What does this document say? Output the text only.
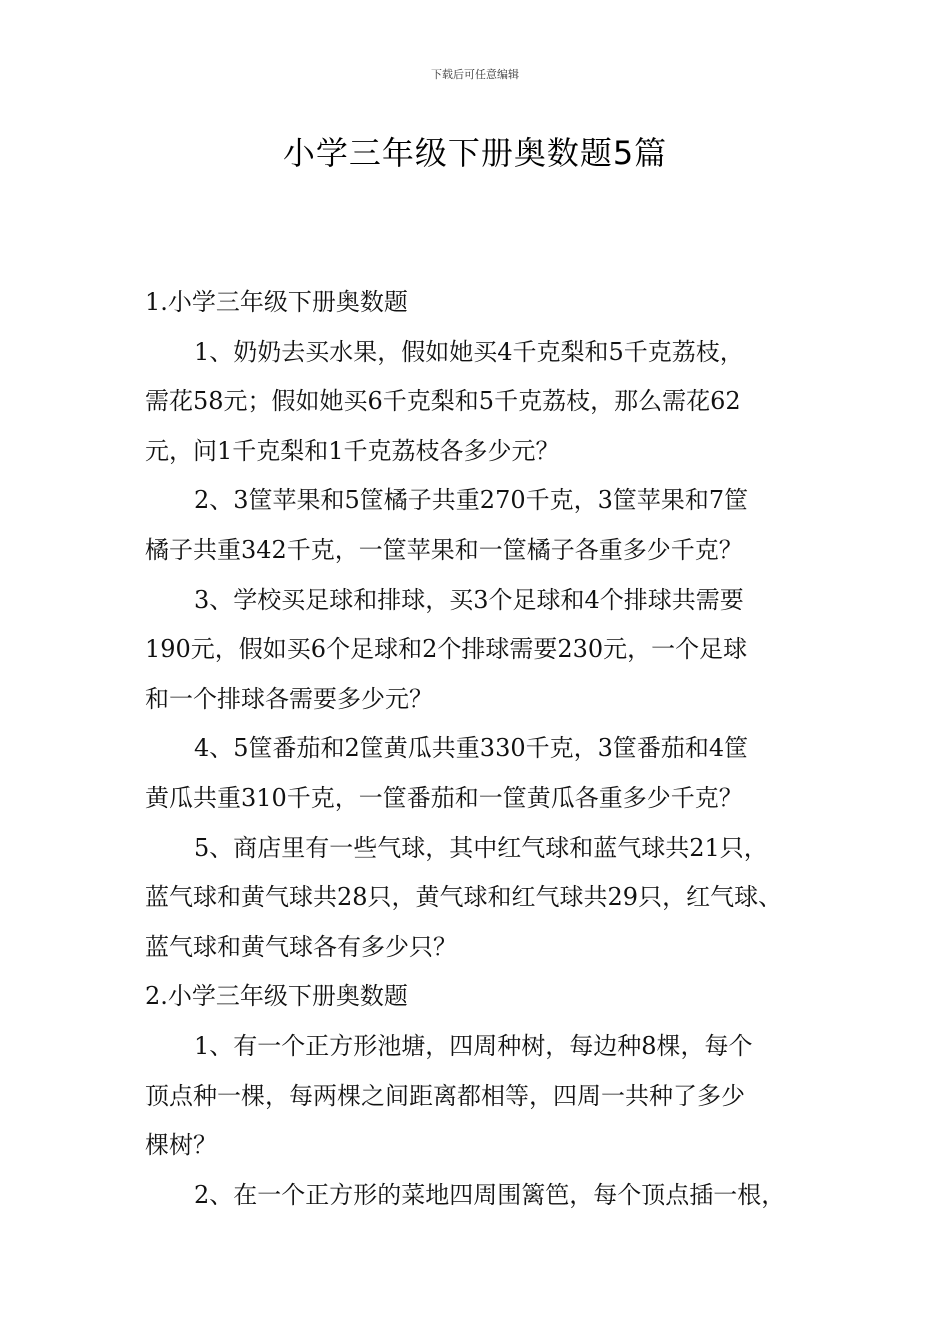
下载后可任意编辑
小学三年级下册奥数题5篇
1.小学三年级下册奥数题
1、奶奶去买水果，假如她买4千克梨和5千克荔枝，
需花58元；假如她买6千克梨和5千克荔枝，那么需花62
元，问1千克梨和1千克荔枝各多少元？
2、3筐苹果和5筐橘子共重270千克，3筐苹果和7筐
橘子共重342千克，一筐苹果和一筐橘子各重多少千克？
3、学校买足球和排球，买3个足球和4个排球共需要
190元，假如买6个足球和2个排球需要230元，一个足球
和一个排球各需要多少元？
4、5筐番茄和2筐黄瓜共重330千克，3筐番茄和4筐
黄瓜共重310千克，一筐番茄和一筐黄瓜各重多少千克？
5、商店里有一些气球，其中红气球和蓝气球共21只，
蓝气球和黄气球共28只，黄气球和红气球共29只，红气球、
蓝气球和黄气球各有多少只？
2.小学三年级下册奥数题
1、有一个正方形池塘，四周种树，每边种8棵，每个
顶点种一棵，每两棵之间距离都相等，四周一共种了多少
棵树？
2、在一个正方形的菜地四周围篱笆，每个顶点插一根，
